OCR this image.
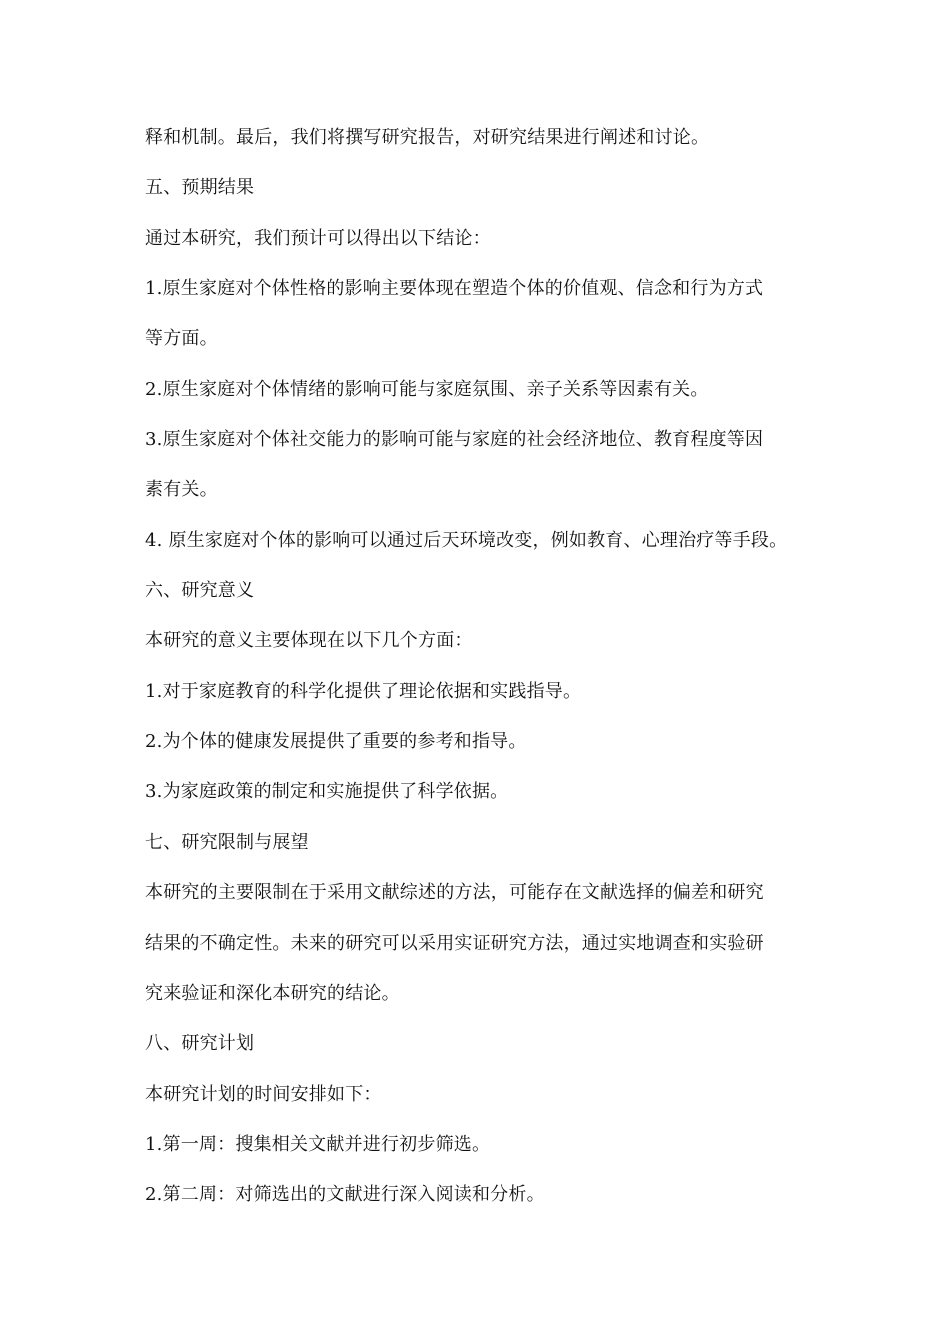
释和机制。最后，我们将撰写研究报告，对研究结果进行阐述和讨论。
五、预期结果
通过本研究，我们预计可以得出以下结论：
1.原生家庭对个体性格的影响主要体现在塑造个体的价值观、信念和行为方式
等方面。
2.原生家庭对个体情绪的影响可能与家庭氛围、亲子关系等因素有关。
3.原生家庭对个体社交能力的影响可能与家庭的社会经济地位、教育程度等因
素有关。
4. 原生家庭对个体的影响可以通过后天环境改变，例如教育、心理治疗等手段。
六、研究意义
本研究的意义主要体现在以下几个方面：
1.对于家庭教育的科学化提供了理论依据和实践指导。
2.为个体的健康发展提供了重要的参考和指导。
3.为家庭政策的制定和实施提供了科学依据。
七、研究限制与展望
本研究的主要限制在于采用文献综述的方法，可能存在文献选择的偏差和研究
结果的不确定性。未来的研究可以采用实证研究方法，通过实地调查和实验研
究来验证和深化本研究的结论。
八、研究计划
本研究计划的时间安排如下：
1.第一周：搜集相关文献并进行初步筛选。
2.第二周：对筛选出的文献进行深入阅读和分析。
